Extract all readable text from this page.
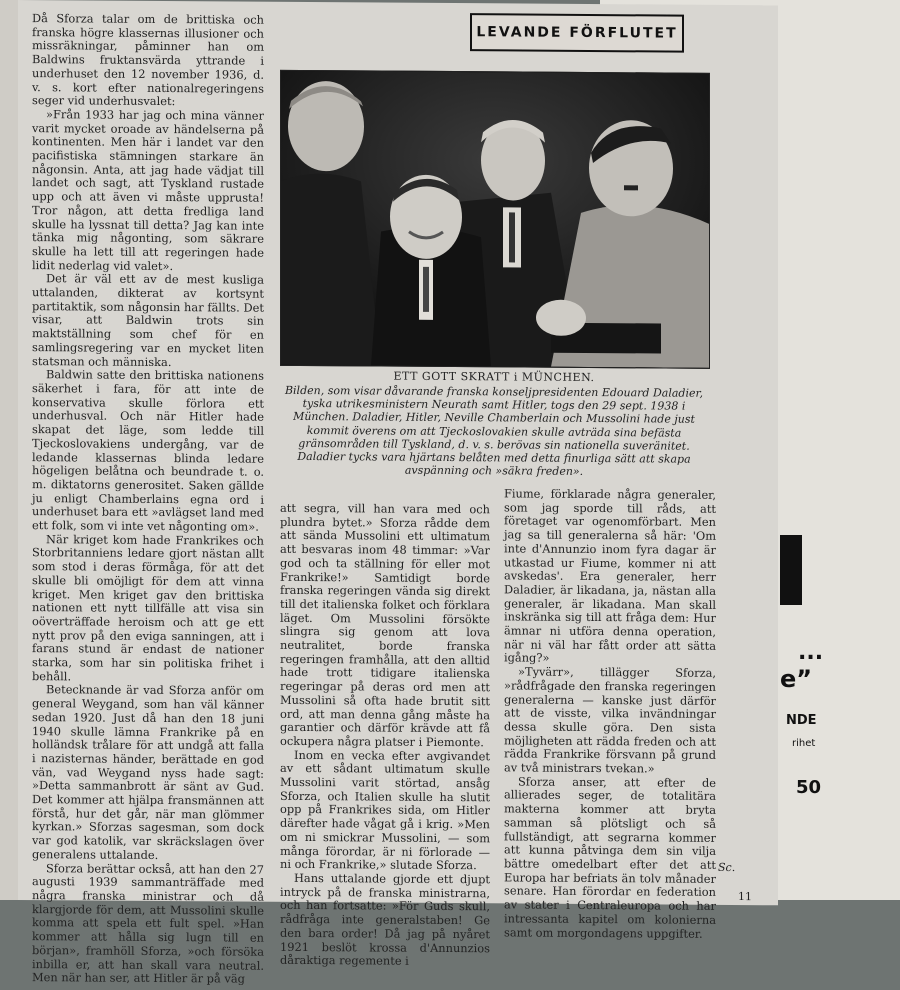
...
e”
NDE
rihet
50
LEVANDE FÖRFLUTET

Då Sforza talar om de brittiska och franska högre klassernas illusioner och missräkningar, påminner han om Baldwins fruktansvärda yttrande i underhuset den 12 november 1936, d. v. s. kort efter nationalregeringens seger vid underhusvalet:

»Från 1933 har jag och mina vänner varit mycket oroade av händelserna på kontinenten. Men här i landet var den pacifistiska stämningen starkare än någonsin. Anta, att jag hade vädjat till landet och sagt, att Tyskland rustade upp och att även vi måste upprusta! Tror någon, att detta fredliga land skulle ha lyssnat till detta? Jag kan inte tänka mig någonting, som säkrare skulle ha lett till att regeringen hade lidit nederlag vid valet».

Det är väl ett av de mest kusliga uttalanden, dikterat av kortsynt partitaktik, som någonsin har fällts. Det visar, att Baldwin trots sin maktställning som chef för en samlingsregering var en mycket liten statsman och människa.

Baldwin satte den brittiska nationens säkerhet i fara, för att inte de konservativa skulle förlora ett underhusval. Och när Hitler hade skapat det läge, som ledde till Tjeckoslovakiens undergång, var de ledande klassernas blinda ledare högeligen belåtna och beundrade t. o. m. diktatorns generositet. Saken gällde ju enligt Chamberlains egna ord i underhuset bara ett »avlägset land med ett folk, som vi inte vet någonting om».

När kriget kom hade Frankrikes och Storbritanniens ledare gjort nästan allt som stod i deras förmåga, för att det skulle bli omöjligt för dem att vinna kriget. Men kriget gav den brittiska nationen ett nytt tillfälle att visa sin oöverträffade heroism och att ge ett nytt prov på den eviga sanningen, att i farans stund är endast de nationer starka, som har sin politiska frihet i behåll.

Betecknande är vad Sforza anför om general Weygand, som han väl känner sedan 1920. Just då han den 18 juni 1940 skulle lämna Frankrike på en holländsk trålare för att undgå att falla i nazisternas händer, berättade en god vän, vad Weygand nyss hade sagt: »Detta sammanbrott är sänt av Gud. Det kommer att hjälpa fransmännen att förstå, hur det går, när man glömmer kyrkan.» Sforzas sagesman, som dock var god katolik, var skräckslagen över generalens uttalande.

Sforza berättar också, att han den 27 augusti 1939 sammanträffade med några franska ministrar och då klargjorde för dem, att Mussolini skulle komma att spela ett fult spel. »Han kommer att hålla sig lugn till en början», framhöll Sforza, »och försöka inbilla er, att han skall vara neutral. Men när han ser, att Hitler är på väg

ETT GOTT SKRATT i MÜNCHEN.
Bilden, som visar dåvarande franska konseljpresidenten Edouard Daladier, tyska utrikesministern Neurath samt Hitler, togs den 29 sept. 1938 i München. Daladier, Hitler, Neville Chamberlain och Mussolini hade just kommit överens om att Tjeckoslovakien skulle avträda sina befästa gränsområden till Tyskland, d. v. s. berövas sin nationella suveränitet. Daladier tycks vara hjärtans belåten med detta finurliga sätt att skapa avspänning och »säkra freden».

att segra, vill han vara med och plundra bytet.» Sforza rådde dem att sända Mussolini ett ultimatum att besvaras inom 48 timmar: »Var god och ta ställning för eller mot Frankrike!» Samtidigt borde franska regeringen vända sig direkt till det italienska folket och förklara läget. Om Mussolini försökte slingra sig genom att lova neutralitet, borde franska regeringen framhålla, att den alltid hade trott tidigare italienska regeringar på deras ord men att Mussolini så ofta hade brutit sitt ord, att man denna gång måste ha garantier och därför krävde att få ockupera några platser i Piemonte.

Inom en vecka efter avgivandet av ett sådant ultimatum skulle Mussolini varit störtad, ansåg Sforza, och Italien skulle ha slutit opp på Frankrikes sida, om Hitler därefter hade vågat gå i krig. »Men om ni smickrar Mussolini, — som många förordar, är ni förlorade — ni och Frankrike,» slutade Sforza.

Hans uttalande gjorde ett djupt intryck på de franska ministrarna, och han fortsatte: »För Guds skull, rådfråga inte generalstaben! Ge den bara order! Då jag på nyåret 1921 beslöt krossa d'Annunzios dåraktiga regemente i

Fiume, förklarade några generaler, som jag sporde till råds, att företaget var ogenomförbart. Men jag sa till generalerna så här: 'Om inte d'Annunzio inom fyra dagar är utkastad ur Fiume, kommer ni att avskedas'. Era generaler, herr Daladier, är likadana, ja, nästan alla generaler, är likadana. Man skall inskränka sig till att fråga dem: Hur ämnar ni utföra denna operation, när ni väl har fått order att sätta igång?»

»Tyvärr», tillägger Sforza, »rådfrågade den franska regeringen generalerna — kanske just därför att de visste, vilka invändningar dessa skulle göra. Den sista möjligheten att rädda freden och att rädda Frankrike försvann på grund av två ministrars tvekan.»

Sforza anser, att efter de allierades seger, de totalitära makterna kommer att bryta samman så plötsligt och så fullständigt, att segrarna kommer att kunna påtvinga dem sin vilja bättre omedelbart efter det att Europa har befriats än tolv månader senare. Han förordar en federation av stater i Centraleuropa och har intressanta kapitel om kolonierna samt om morgondagens uppgifter.

Sc.
11
